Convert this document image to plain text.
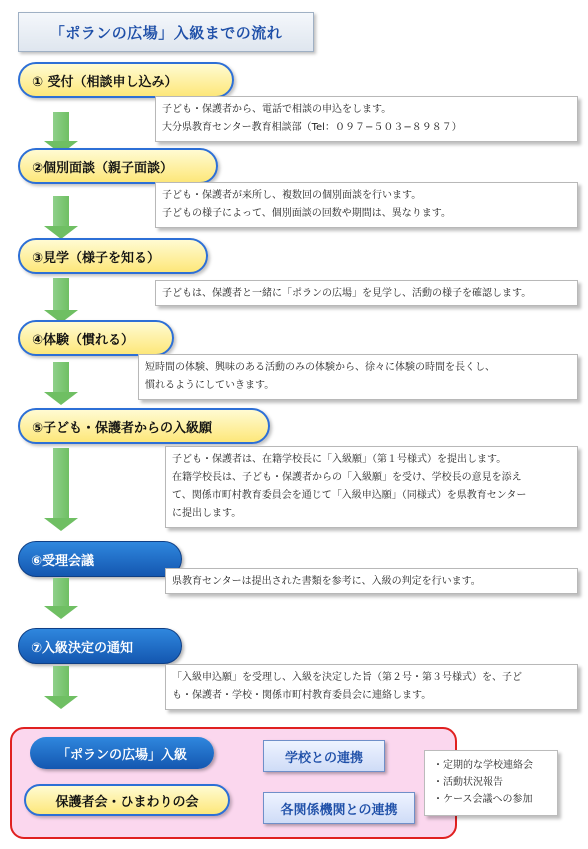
「ポランの広場」入級までの流れ
① 受付（相談申し込み）
子ども・保護者から、電話で相談の申込をします。
大分県教育センター教育相談部（Tel：０９７−５０３−８９８７）
②個別面談（親子面談）
子ども・保護者が来所し、複数回の個別面談を行います。
子どもの様子によって、個別面談の回数や期間は、異なります。
③見学（様子を知る）
子どもは、保護者と一緒に「ポランの広場」を見学し、活動の様子を確認します。
④体験（慣れる）
短時間の体験、興味のある活動のみの体験から、徐々に体験の時間を長くし、
慣れるようにしていきます。
⑤子ども・保護者からの入級願
子ども・保護者は、在籍学校長に「入級願」（第１号様式）を提出します。
在籍学校長は、子ども・保護者からの「入級願」を受け、学校長の意見を添え
て、関係市町村教育委員会を通じて「入級申込願」（同様式）を県教育センター
に提出します。
⑥受理会議
県教育センターは提出された書類を参考に、入級の判定を行います。
⑦入級決定の通知
「入級申込願」を受理し、入級を決定した旨（第２号・第３号様式）を、子ど
も・保護者・学校・関係市町村教育委員会に連絡します。
「ポランの広場」入級
保護者会・ひまわりの会
学校との連携
各関係機関との連携
・定期的な学校連絡会
・活動状況報告
・ケース会議への参加
